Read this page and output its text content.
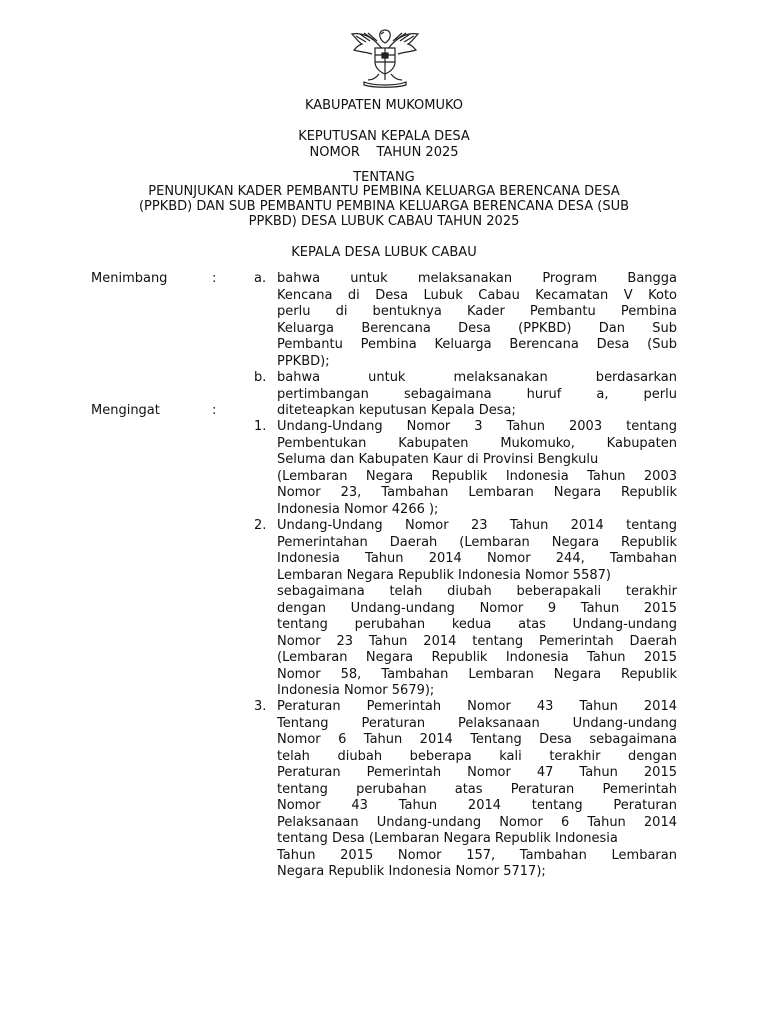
KABUPATEN MUKOMUKO
KEPUTUSAN KEPALA DESA
NOMOR    TAHUN 2025
TENTANG
PENUNJUKAN KADER PEMBANTU PEMBINA KELUARGA BERENCANA DESA
(PPKBD) DAN SUB PEMBANTU PEMBINA KELUARGA BERENCANA DESA (SUB
PPKBD) DESA LUBUK CABAU TAHUN 2025
KEPALA DESA LUBUK CABAU
Menimbang	:	a. bahwa untuk melaksanakan Program Bangga
Kencana di Desa Lubuk Cabau Kecamatan V Koto
perlu di bentuknya Kader Pembantu Pembina
Keluarga Berencana Desa (PPKBD) Dan Sub
Pembantu Pembina Keluarga Berencana Desa (Sub
PPKBD);
b. bahwa untuk melaksanakan berdasarkan
pertimbangan sebagaimana huruf a, perlu
diteteapkan keputusan Kepala Desa;
Mengingat	:
1. Undang-Undang Nomor 3 Tahun 2003 tentang
Pembentukan Kabupaten Mukomuko, Kabupaten
Seluma dan Kabupaten Kaur di Provinsi Bengkulu
(Lembaran Negara Republik Indonesia Tahun 2003
Nomor 23, Tambahan Lembaran Negara Republik
Indonesia Nomor 4266 );
2. Undang-Undang Nomor 23 Tahun 2014 tentang
Pemerintahan Daerah (Lembaran Negara Republik
Indonesia Tahun 2014 Nomor 244, Tambahan
Lembaran Negara Republik Indonesia Nomor 5587)
sebagaimana telah diubah beberapakali terakhir
dengan Undang-undang Nomor 9 Tahun 2015
tentang perubahan kedua atas Undang-undang
Nomor 23 Tahun 2014 tentang Pemerintah Daerah
(Lembaran Negara Republik Indonesia Tahun 2015
Nomor 58, Tambahan Lembaran Negara Republik
Indonesia Nomor 5679);
3. Peraturan Pemerintah Nomor 43 Tahun 2014
Tentang Peraturan Pelaksanaan Undang-undang
Nomor 6 Tahun 2014 Tentang Desa sebagaimana
telah diubah beberapa kali terakhir dengan
Peraturan Pemerintah Nomor 47 Tahun 2015
tentang perubahan atas Peraturan Pemerintah
Nomor 43 Tahun 2014 tentang Peraturan
Pelaksanaan Undang-undang Nomor 6 Tahun 2014
tentang Desa (Lembaran Negara Republik Indonesia
Tahun 2015 Nomor 157, Tambahan Lembaran
Negara Republik Indonesia Nomor 5717);
